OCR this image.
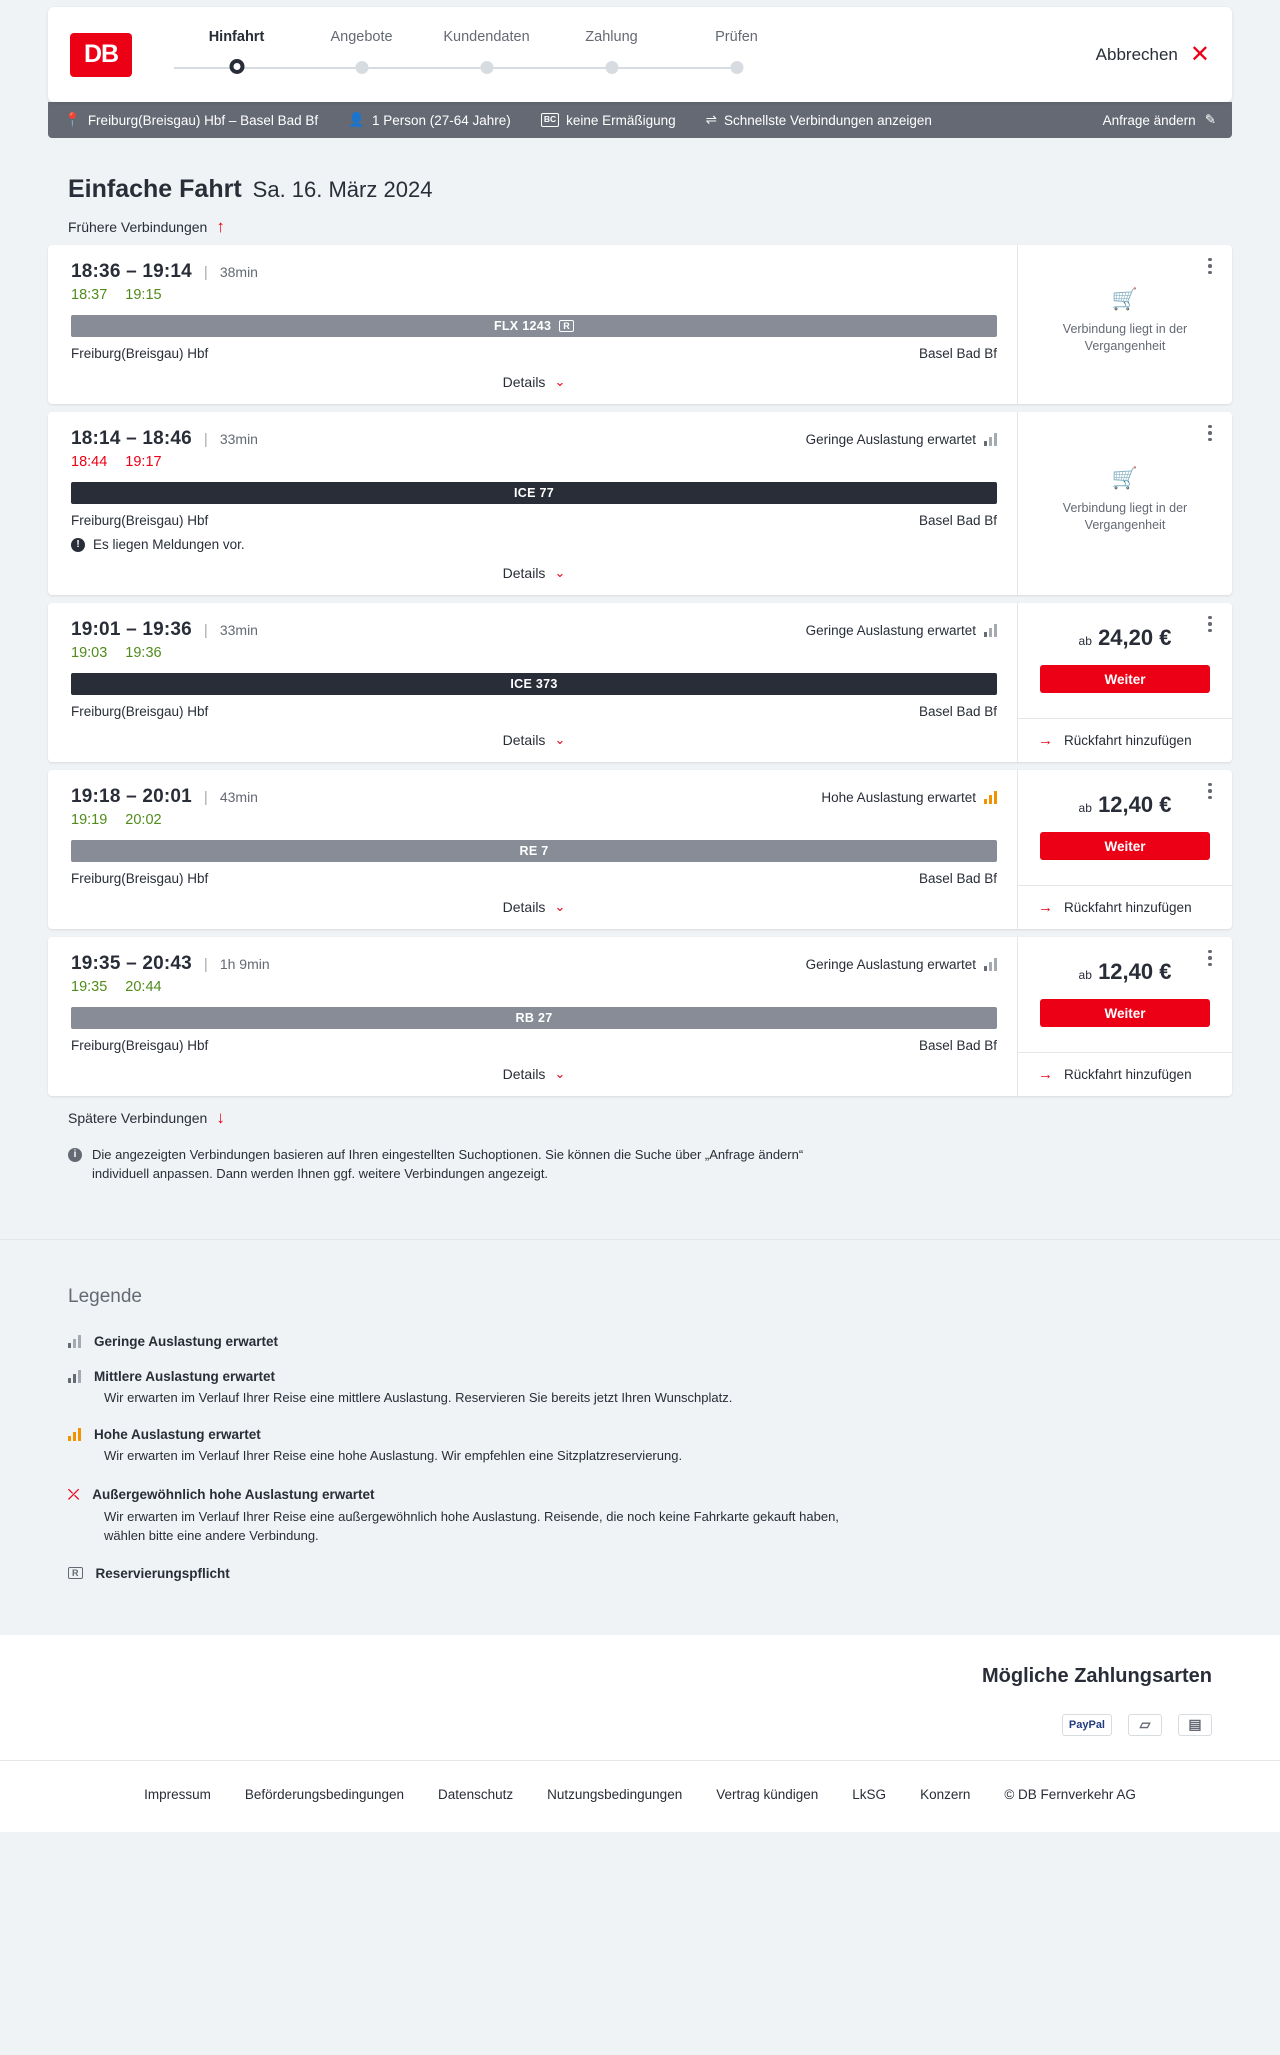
DB
Hinfahrt	Angebote	Kundendaten	Zahlung	Prüfen
Abbrechen ✕
📍 Freiburg(Breisgau) Hbf – Basel Bad Bf 👤 1 Person (27-64 Jahre)	BC keine Ermäßigung ⇌ Schnellste Verbindungen anzeigen	Anfrage ändern ✎
Einfache Fahrt Sa. 16. März 2024
Frühere Verbindungen ↑
18:36 – 19:14 | 38min
18:37 19:15
FLX 1243	R
Freiburg(Breisgau) Hbf	Basel Bad Bf
Details ⌄
🛒
Verbindung liegt in der Vergangenheit
18:14 – 18:46 | 33min	Geringe Auslastung erwartet
18:44 19:17
ICE 77
Freiburg(Breisgau) Hbf	Basel Bad Bf
! Es liegen Meldungen vor.
Details ⌄
🛒
Verbindung liegt in der Vergangenheit
19:01 – 19:36 | 33min	Geringe Auslastung erwartet
19:03 19:36
ICE 373
Freiburg(Breisgau) Hbf	Basel Bad Bf
Details ⌄
ab 24,20 €
Weiter
→ Rückfahrt hinzufügen
19:18 – 20:01 | 43min	Hohe Auslastung erwartet
19:19 20:02
RE 7
Freiburg(Breisgau) Hbf	Basel Bad Bf
Details ⌄
ab 12,40 €
Weiter
→ Rückfahrt hinzufügen
19:35 – 20:43 | 1h 9min	Geringe Auslastung erwartet
19:35 20:44
RB 27
Freiburg(Breisgau) Hbf	Basel Bad Bf
Details ⌄
ab 12,40 €
Weiter
→ Rückfahrt hinzufügen
Spätere Verbindungen ↓
i	Die angezeigten Verbindungen basieren auf Ihren eingestellten Suchoptionen. Sie können die Suche über „Anfrage ändern“ individuell anpassen. Dann werden Ihnen ggf. weitere Verbindungen angezeigt.
Legende
Geringe Auslastung erwartet
Mittlere Auslastung erwartet
Wir erwarten im Verlauf Ihrer Reise eine mittlere Auslastung. Reservieren Sie bereits jetzt Ihren Wunschplatz.
Hohe Auslastung erwartet
Wir erwarten im Verlauf Ihrer Reise eine hohe Auslastung. Wir empfehlen eine Sitzplatzreservierung.
⤫ Außergewöhnlich hohe Auslastung erwartet
Wir erwarten im Verlauf Ihrer Reise eine außergewöhnlich hohe Auslastung. Reisende, die noch keine Fahrkarte gekauft haben, wählen bitte eine andere Verbindung.
R Reservierungspflicht
Mögliche Zahlungsarten
PayPal	▱	▤
Impressum	Beförderungsbedingungen	Datenschutz	Nutzungsbedingungen	Vertrag kündigen	LkSG	Konzern	© DB Fernverkehr AG
